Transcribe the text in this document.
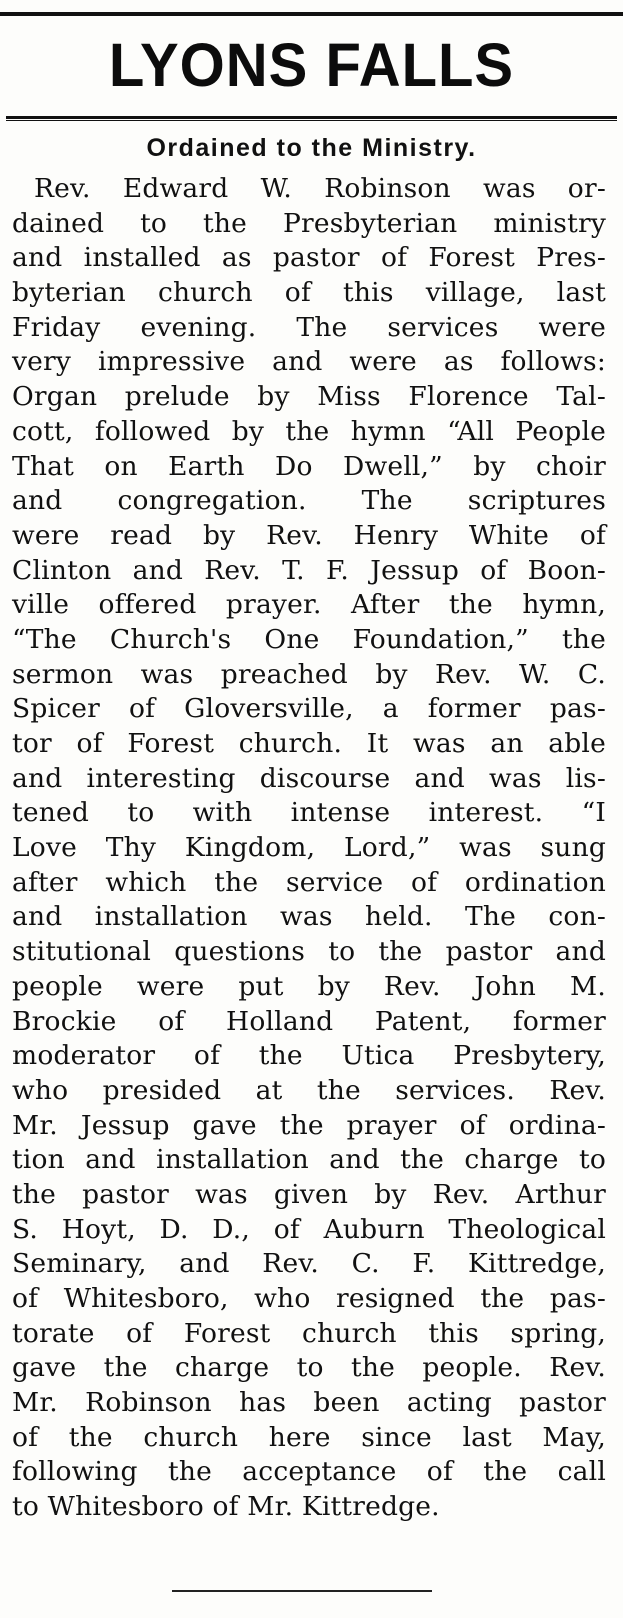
LYONS FALLS
Ordained to the Ministry.
Rev. Edward W. Robinson was or-
dained to the Presbyterian ministry
and installed as pastor of Forest Pres-
byterian church of this village, last
Friday evening. The services were
very impressive and were as follows:
Organ prelude by Miss Florence Tal-
cott, followed by the hymn “All People
That on Earth Do Dwell,” by choir
and congregation. The scriptures
were read by Rev. Henry White of
Clinton and Rev. T. F. Jessup of Boon-
ville offered prayer. After the hymn,
“The Church's One Foundation,” the
sermon was preached by Rev. W. C.
Spicer of Gloversville, a former pas-
tor of Forest church. It was an able
and interesting discourse and was lis-
tened to with intense interest. “I
Love Thy Kingdom, Lord,” was sung
after which the service of ordination
and installation was held. The con-
stitutional questions to the pastor and
people were put by Rev. John M.
Brockie of Holland Patent, former
moderator of the Utica Presbytery,
who presided at the services. Rev.
Mr. Jessup gave the prayer of ordina-
tion and installation and the charge to
the pastor was given by Rev. Arthur
S. Hoyt, D. D., of Auburn Theological
Seminary, and Rev. C. F. Kittredge,
of Whitesboro, who resigned the pas-
torate of Forest church this spring,
gave the charge to the people. Rev.
Mr. Robinson has been acting pastor
of the church here since last May,
following the acceptance of the call
to Whitesboro of Mr. Kittredge.
